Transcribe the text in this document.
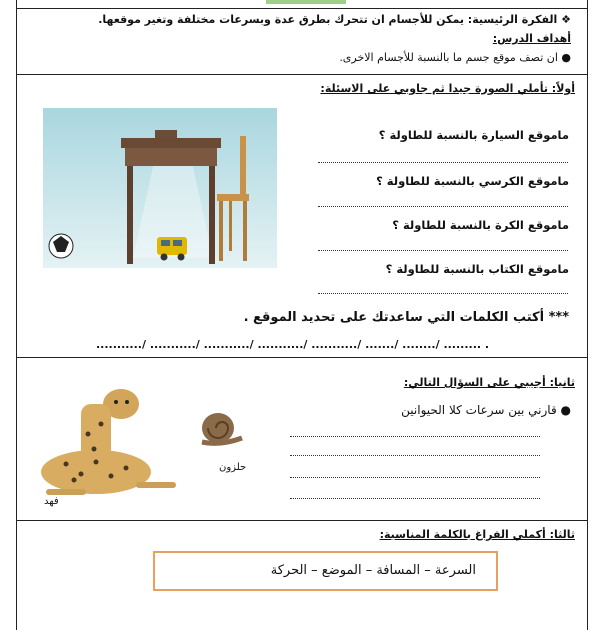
❖ الفكرة الرئيسية: يمكن للأجسام ان تتحرك بطرق عدة وبسرعات مختلفة وتغير موقعها.
أهداف الدرس:
● ان تصف موقع جسم ما بالنسبة للأجسام الاخرى.
أولاً: تأملي الصورة جيدا ثم جاوبي على الاسئلة:
ماموقع السيارة بالنسبة للطاولة ؟
ماموقع الكرسي بالنسبة للطاولة ؟
ماموقع الكرة بالنسبة للطاولة ؟
ماموقع الكتاب بالنسبة للطاولة ؟
*** أكتب الكلمات التي ساعدتك على تحديد الموقع .
.........../ .........../ .........../ .........../ .........../ ......./ ......../ ......... .
فهد
حلزون
ثانيا: أجيبي على السؤال التالي:
● قارني بين سرعات كلا الحيوانين
ثالثا: أكملي الفراغ بالكلمة المناسبة:
السرعة – المسافة – الموضع – الحركة
